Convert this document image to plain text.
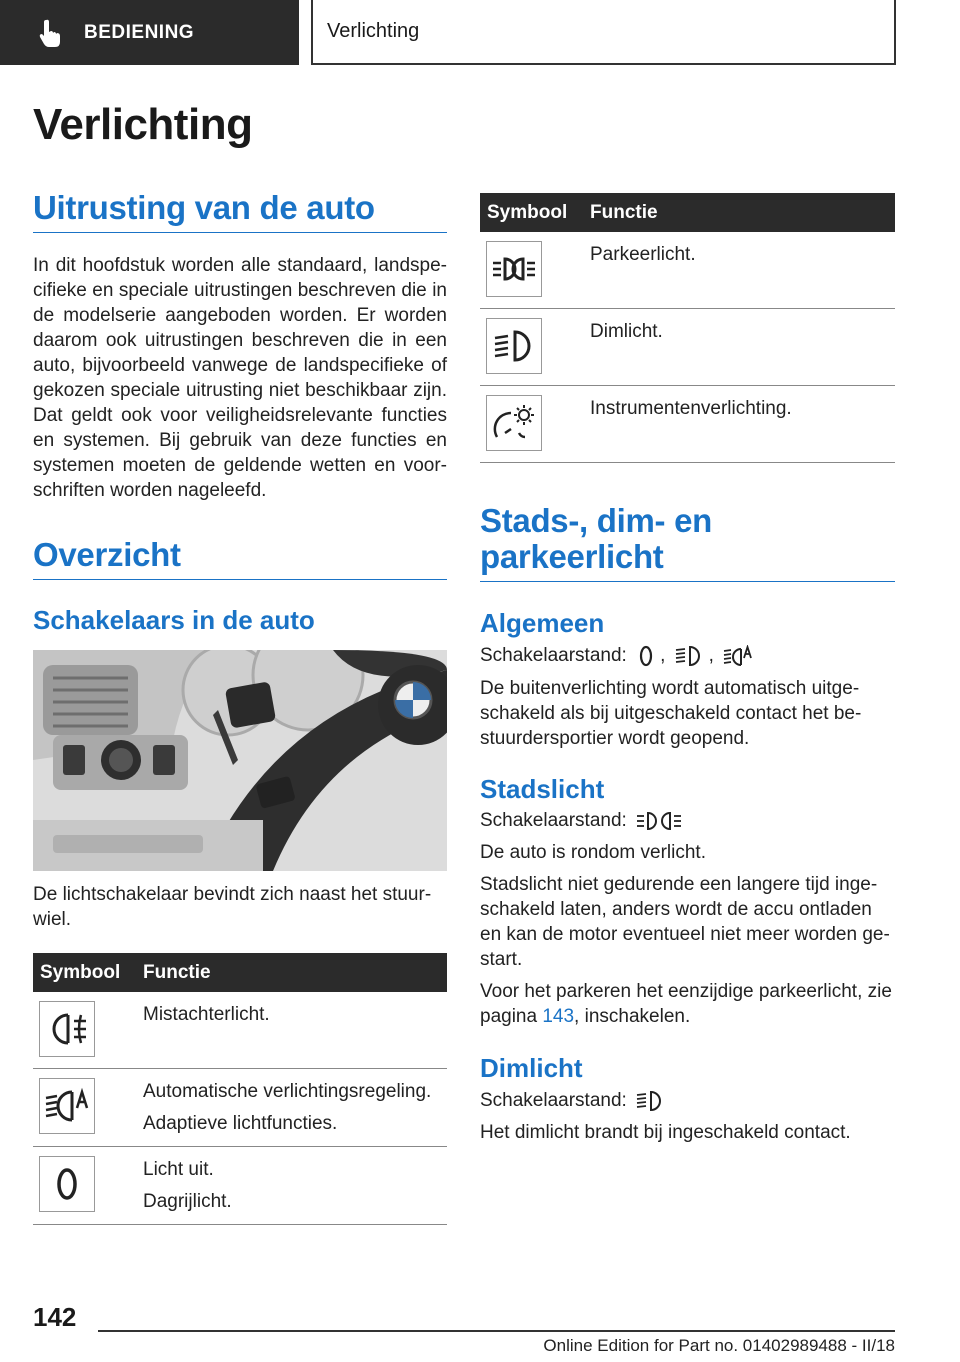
BEDIENING	Verlichting
Verlichting
Uitrusting van de auto

In dit hoofdstuk worden alle standaard, landspecifieke en speciale uitrustingen beschreven die in de modelserie aangeboden worden. Er worden daarom ook uitrustingen beschreven die in een auto, bijvoorbeeld vanwege de landspecifieke of gekozen speciale uitrusting niet beschikbaar zijn. Dat geldt ook voor veiligheidsrelevante functies en systemen. Bij gebruik van deze functies en systemen moeten de geldende wetten en voorschriften worden nageleefd.

Overzicht
Schakelaars in de auto

De lichtschakelaar bevindt zich naast het stuurwiel.

Symbool	Functie

Mistachterlicht.

Automatische verlichtingsregeling.
Adaptieve lichtfuncties.

Licht uit.
Dagrijlicht.
Symbool	Functie

Parkeerlicht.

Dimlicht.

Instrumentenverlichting.
Stads-, dim- en parkeerlicht
Algemeen

Schakelaarstand: , ,

De buitenverlichting wordt automatisch uitgeschakeld als bij uitgeschakeld contact het bestuurdersportier wordt geopend.

Stadslicht

Schakelaarstand:

De auto is rondom verlicht.

Stadslicht niet gedurende een langere tijd ingeschakeld laten, anders wordt de accu ontladen en kan de motor eventueel niet meer worden gestart.

Voor het parkeren het eenzijdige parkeerlicht, zie pagina 143, inschakelen.

Dimlicht

Schakelaarstand:

Het dimlicht brandt bij ingeschakeld contact.

142
Online Edition for Part no. 01402989488 - II/18
